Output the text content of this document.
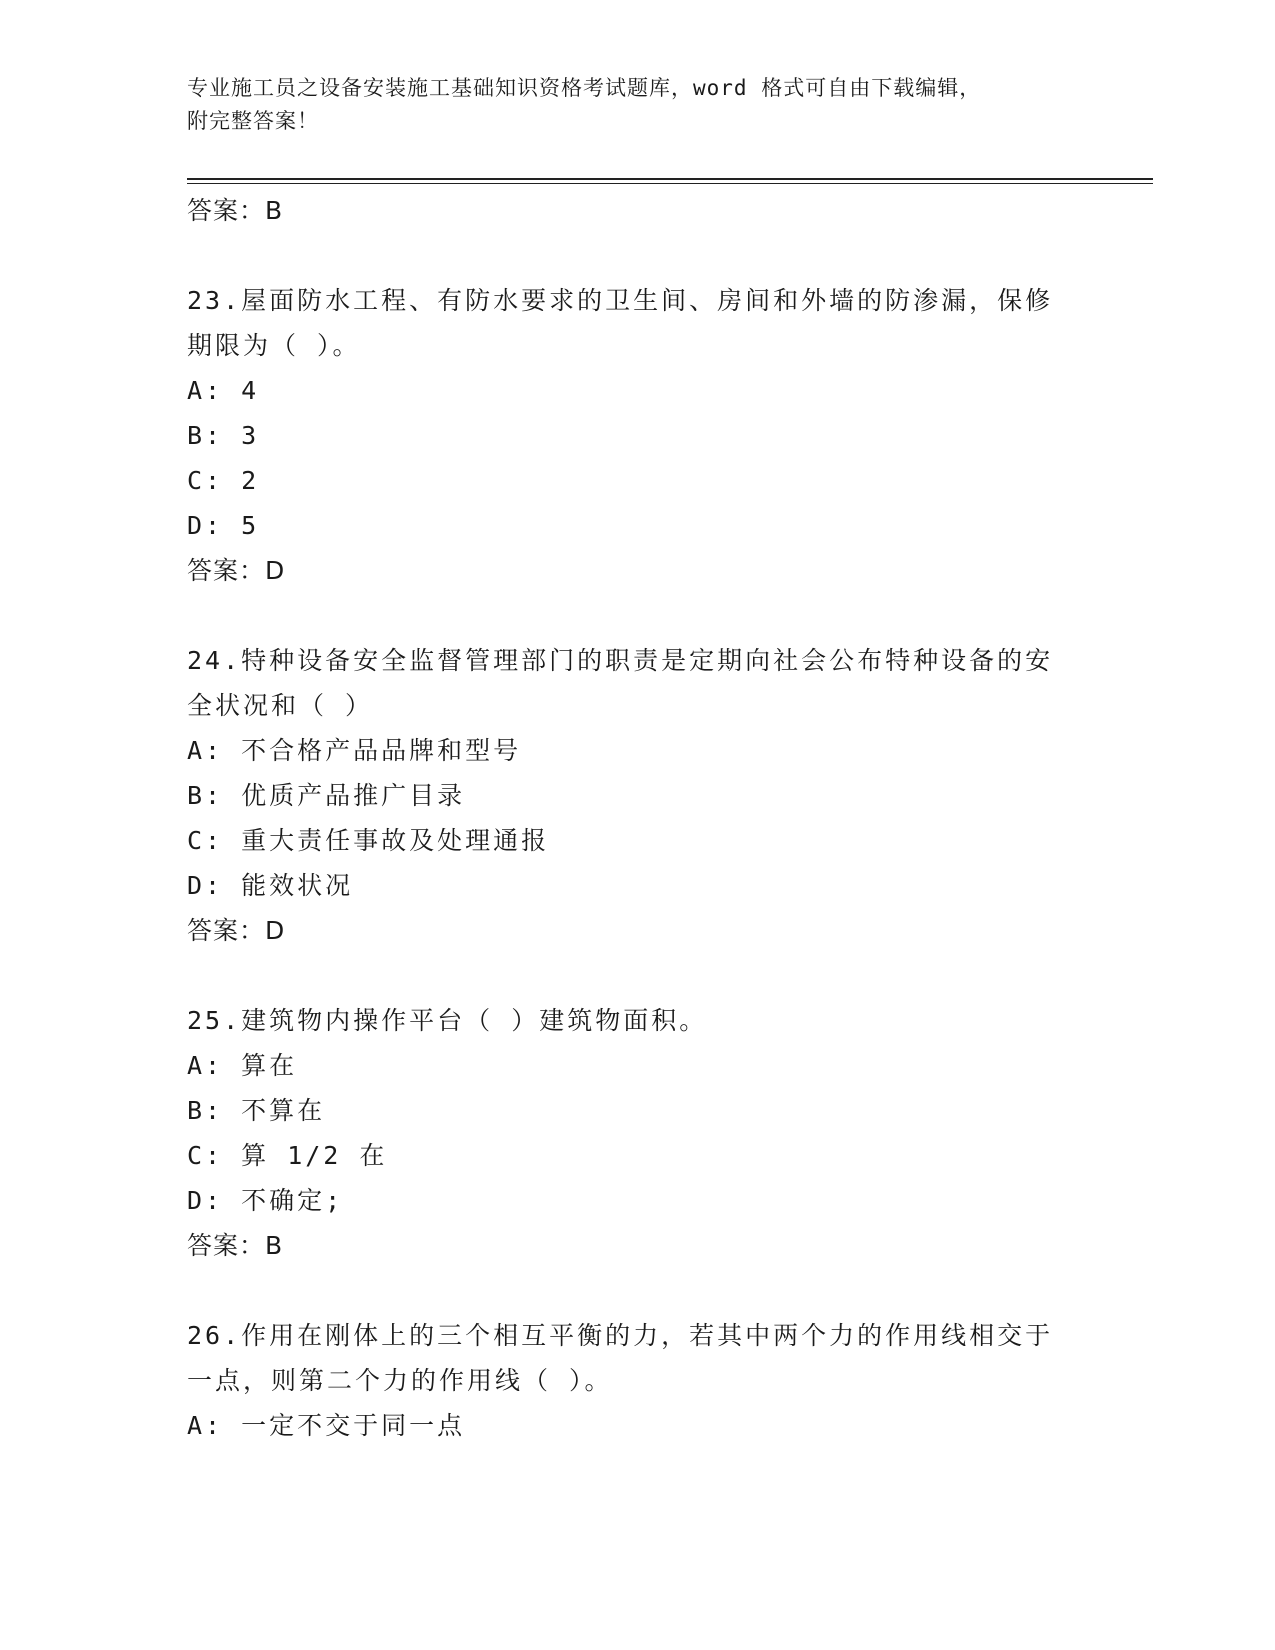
专业施工员之设备安装施工基础知识资格考试题库，word 格式可自由下载编辑，
附完整答案！
答案：B
23.屋面防水工程、有防水要求的卫生间、房间和外墙的防渗漏，保修
期限为（ ）。
A: 4
B: 3
C: 2
D: 5
答案：D
24.特种设备安全监督管理部门的职责是定期向社会公布特种设备的安
全状况和（ ）
A: 不合格产品品牌和型号
B: 优质产品推广目录
C: 重大责任事故及处理通报
D: 能效状况
答案：D
25.建筑物内操作平台（ ）建筑物面积。
A: 算在
B: 不算在
C: 算 1/2 在
D: 不确定;
答案：B
26.作用在刚体上的三个相互平衡的力，若其中两个力的作用线相交于
一点，则第二个力的作用线（ ）。
A: 一定不交于同一点
